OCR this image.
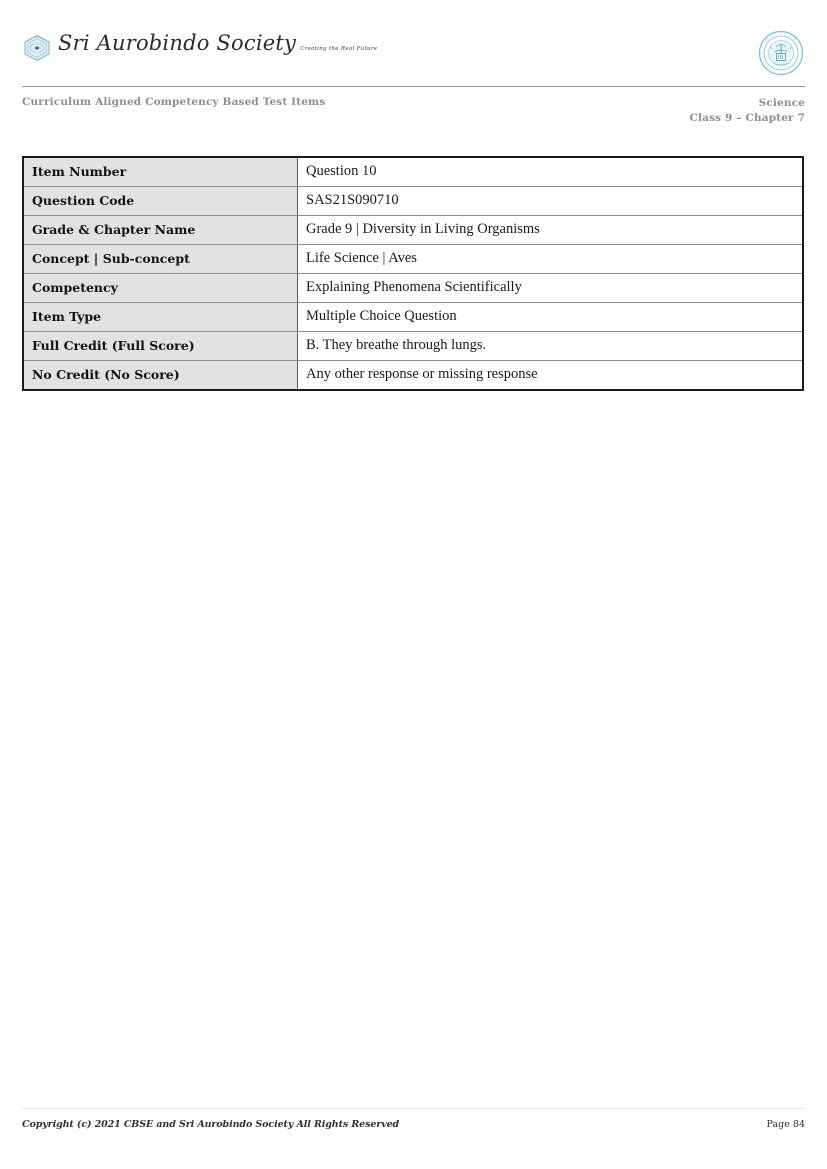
Sri Aurobindo Society Creating the Real Future
Curriculum Aligned Competency Based Test Items	Science
Class 9 – Chapter 7
Item Number	Question 10
Question Code	SAS21S090710
Grade & Chapter Name	Grade 9 | Diversity in Living Organisms
Concept | Sub-concept	Life Science | Aves
Competency	Explaining Phenomena Scientifically
Item Type	Multiple Choice Question
Full Credit (Full Score)	B. They breathe through lungs.
No Credit (No Score)	Any other response or missing response
Copyright (c) 2021 CBSE and Sri Aurobindo Society All Rights Reserved	Page 84
